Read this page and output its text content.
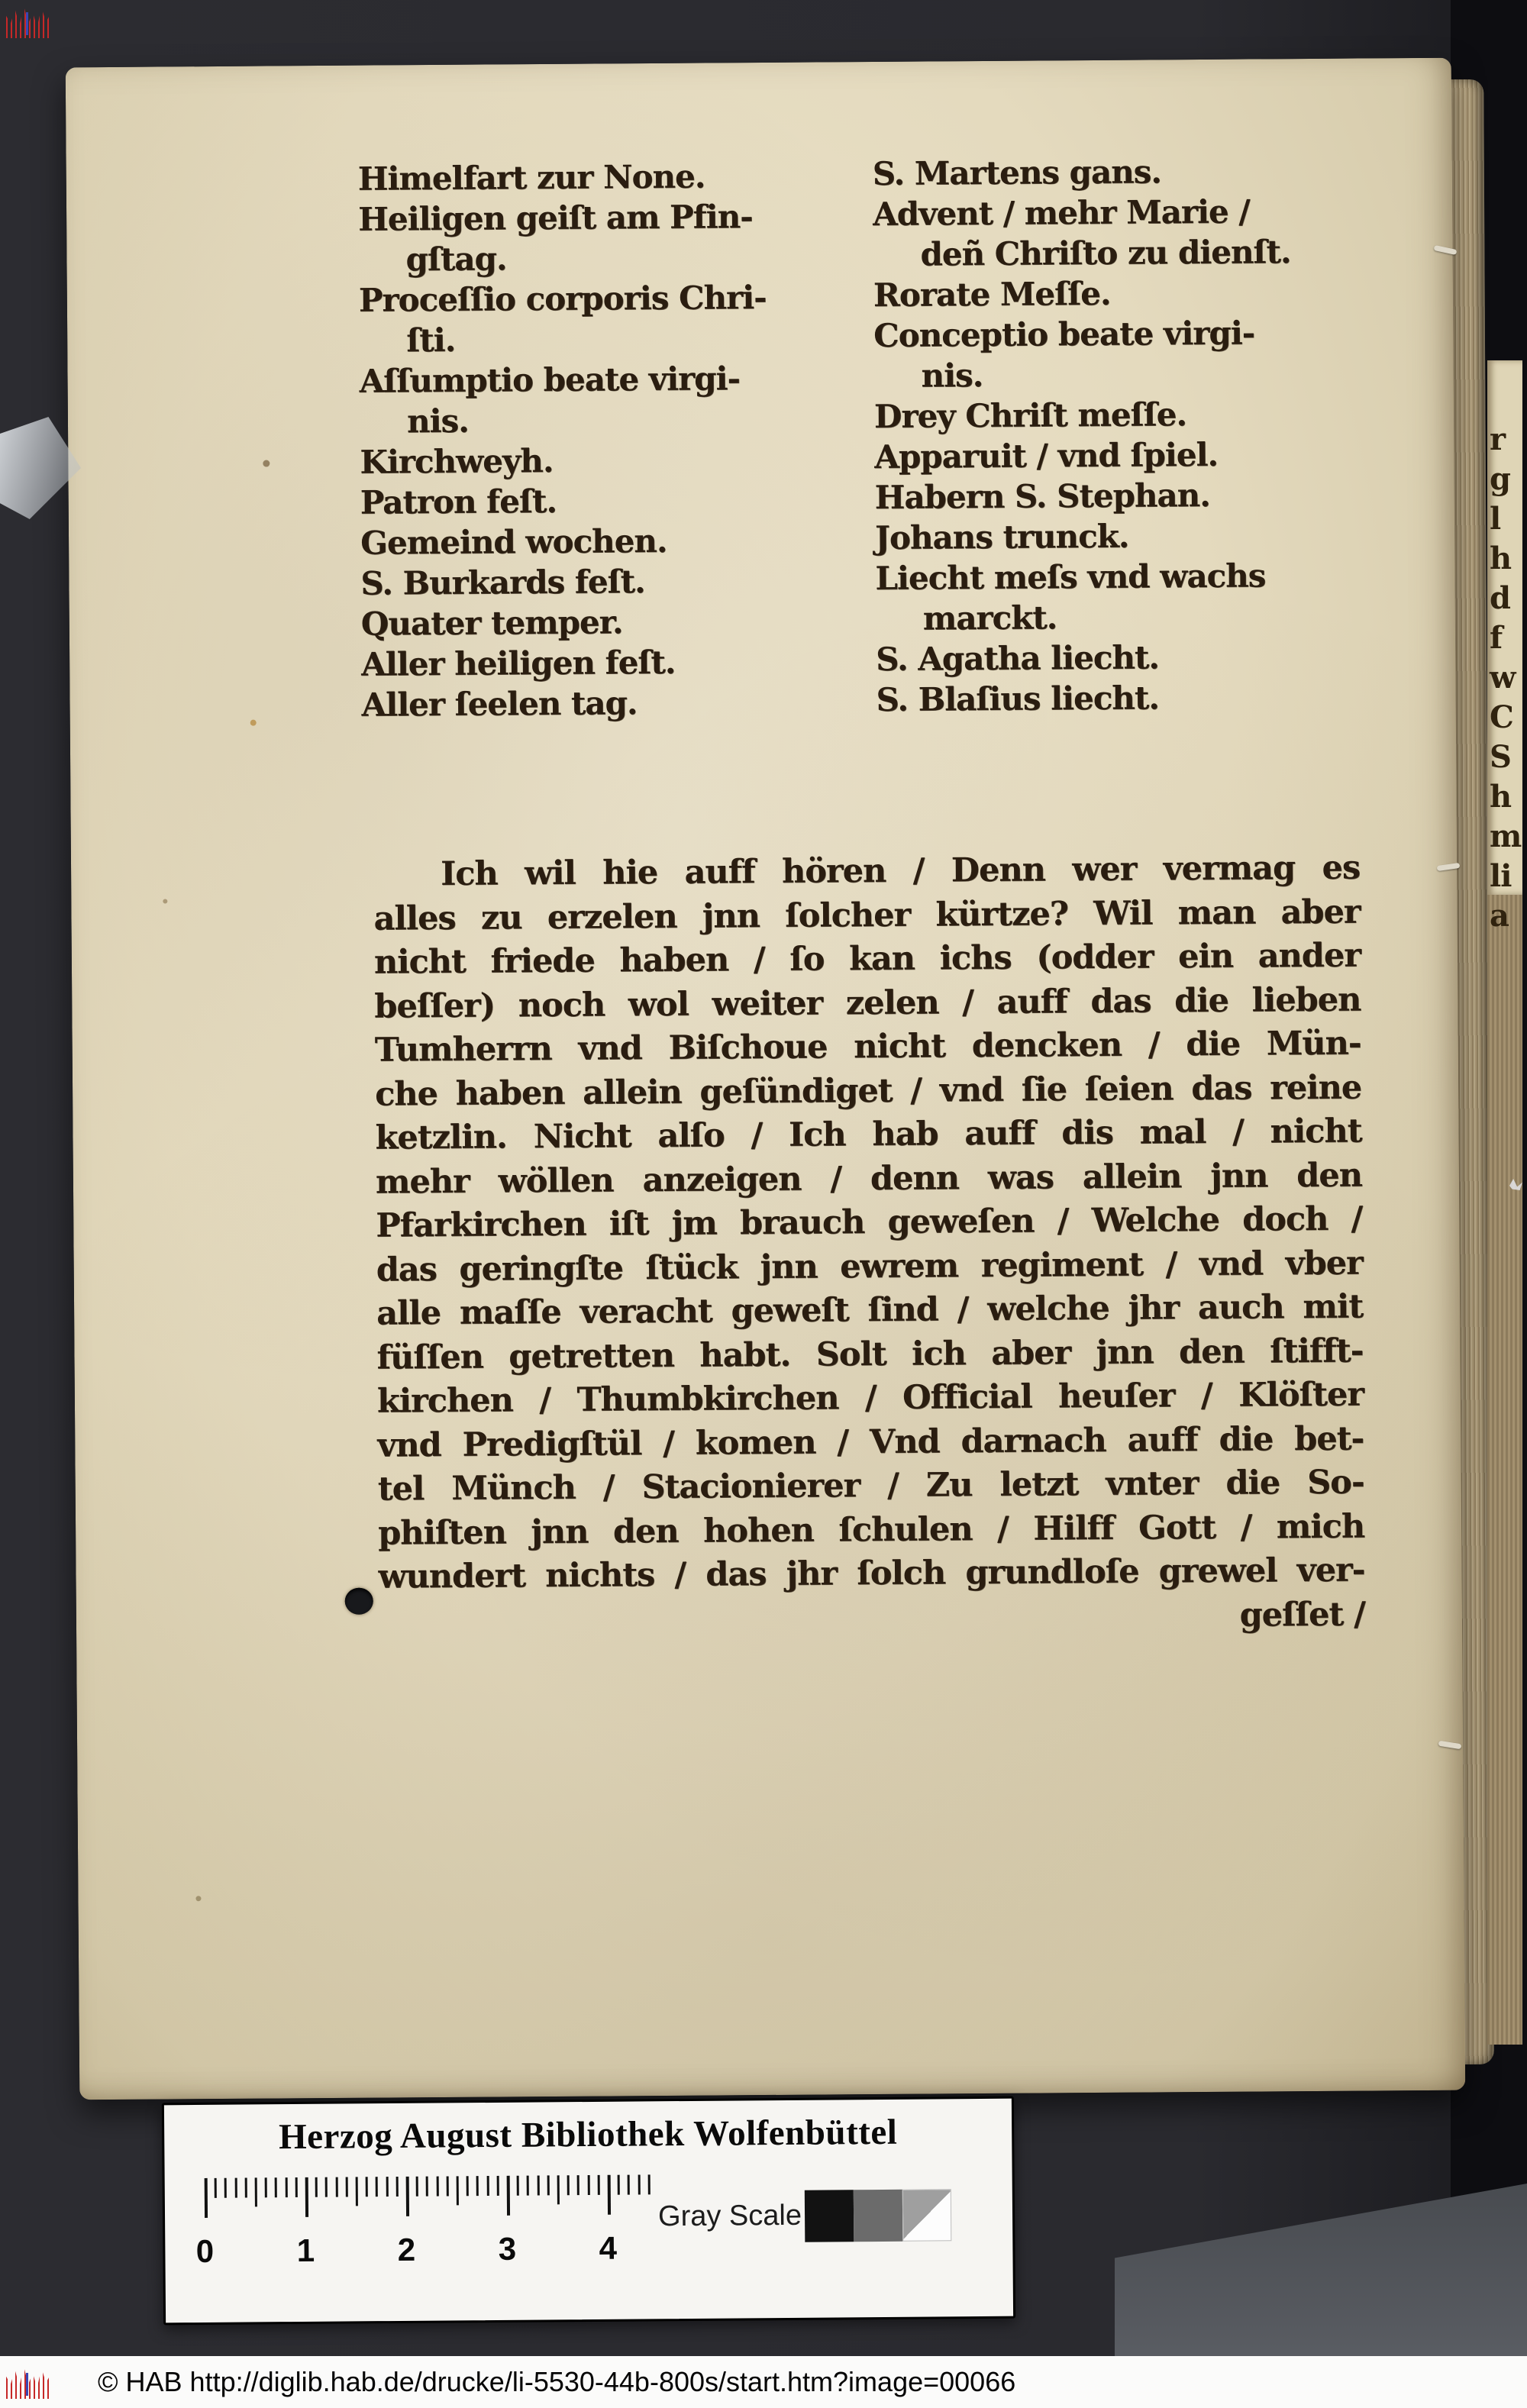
r
g
l
h
d
f
w
C
S
h
m
li
a
Himelfart zur None.
Heiligen geiſt am Pfin-
gſtag.
Proceſſio corporis Chri-
ſti.
Aſſumptio beate virgi-
nis.
Kirchweyh.
Patron feſt.
Gemeind wochen.
S. Burkards feſt.
Quater temper.
Aller heiligen feſt.
Aller ſeelen tag.
S. Martens gans.
Advent / mehr Marie /
deñ Chriſto zu dienſt.
Rorate Meſſe.
Conceptio beate virgi-
nis.
Drey Chriſt meſſe.
Apparuit / vnd ſpiel.
Habern S. Stephan.
Johans trunck.
Liecht meſs vnd wachs
marckt.
S. Agatha liecht.
S. Blaſius liecht.
Ich wil hie auff hören / Denn wer vermag es
alles zu erzelen jnn ſolcher kürtze? Wil man aber
nicht friede haben / ſo kan ichs (odder ein ander
beſſer) noch wol weiter zelen / auff das die lieben
Tumherrn vnd Biſchoue nicht dencken / die Mün-
che haben allein geſündiget / vnd ſie ſeien das reine
ketzlin. Nicht alſo / Ich hab auff dis mal / nicht
mehr wöllen anzeigen / denn was allein jnn den
Pfarkirchen iſt jm brauch geweſen / Welche doch /
das geringſte ſtück jnn ewrem regiment / vnd vber
alle maſſe veracht geweſt ſind / welche jhr auch mit
füſſen getretten habt. Solt ich aber jnn den ſtifft-
kirchen / Thumbkirchen / Official heuſer / Klöſter
vnd Predigſtül / komen / Vnd darnach auff die bet-
tel Münch / Stacionierer / Zu letzt vnter die So-
phiſten jnn den hohen ſchulen / Hilff Gott / mich
wundert nichts / das jhr ſolch grundloſe grewel ver-
geſſet /
Herzog August Bibliothek Wolfenbüttel
0	1	2	3	4
Gray Scale
© HAB http://diglib.hab.de/drucke/li-5530-44b-800s/start.htm?image=00066
